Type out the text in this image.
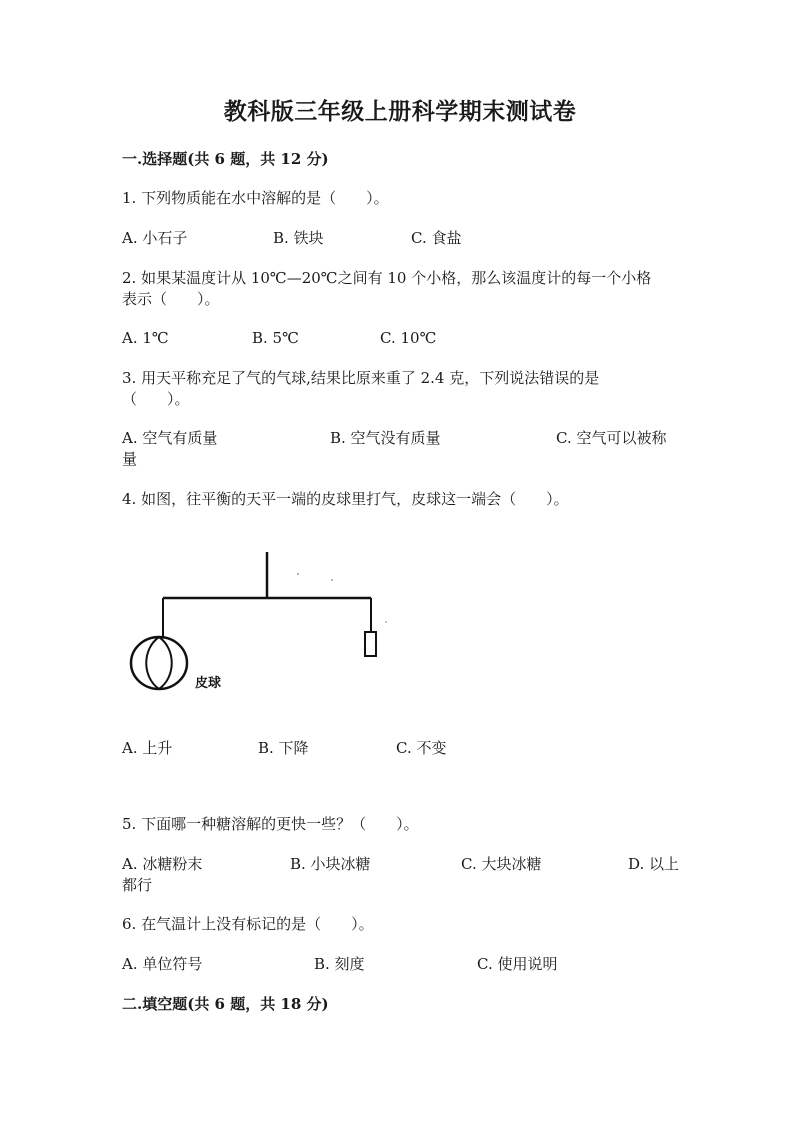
教科版三年级上册科学期末测试卷
一.选择题(共 6 题，共 12 分)
1. 下列物质能在水中溶解的是（　　）。
A. 小石子	B. 铁块	C. 食盐
2. 如果某温度计从 10℃—20℃之间有 10 个小格，那么该温度计的每一个小格
表示（　　）。
A. 1℃	B. 5℃	C. 10℃
3. 用天平称充足了气的气球,结果比原来重了 2.4 克，下列说法错误的是
（　　）。
A. 空气有质量	B. 空气没有质量	C. 空气可以被称
量
4. 如图，往平衡的天平一端的皮球里打气，皮球这一端会（　　）。
皮球
A. 上升	B. 下降	C. 不变
5. 下面哪一种糖溶解的更快一些？（　　）。
A. 冰糖粉末	B. 小块冰糖	C. 大块冰糖	D. 以上
都行
6. 在气温计上没有标记的是（　　）。
A. 单位符号	B. 刻度	C. 使用说明
二.填空题(共 6 题，共 18 分)
